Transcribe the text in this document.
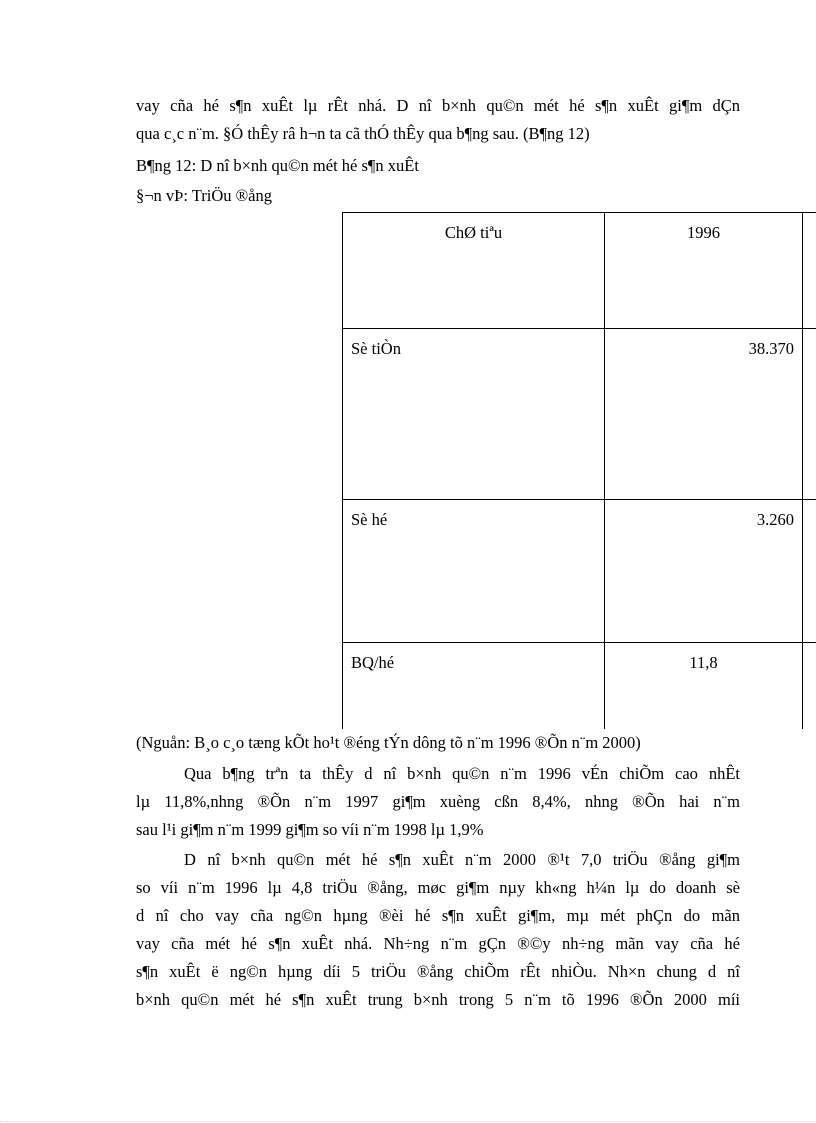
vay cña hé s¶n xuÊt lµ rÊt nhá. D nî b×nh qu©n mét hé s¶n xuÊt gi¶m dÇn
qua c¸c n¨m. §Ó thÊy râ h¬n ta cã thÓ thÊy qua b¶ng sau. (B¶ng 12)
B¶ng 12: D nî b×nh qu©n mét hé s¶n xuÊt
§¬n vÞ: TriÖu ®ång
ChØ tiªu	1996	
Sè tiÒn	38.370	
Sè hé	3.260	
BQ/hé	11,8	
(Nguån: B¸o c¸o tæng kÕt ho¹t ®éng tÝn dông tõ n¨m 1996 ®Õn n¨m 2000)
Qua b¶ng trªn ta thÊy d nî b×nh qu©n n¨m 1996 vÉn chiÕm cao nhÊt
lµ 11,8%,nhng ®Õn n¨m 1997 gi¶m xuèng cßn 8,4%, nhng ®Õn hai n¨m
sau l¹i gi¶m n¨m 1999 gi¶m so víi n¨m 1998 lµ 1,9%
D nî b×nh qu©n mét hé s¶n xuÊt n¨m 2000 ®¹t 7,0 triÖu ®ång gi¶m
so víi n¨m 1996 lµ 4,8 triÖu ®ång, møc gi¶m nµy kh«ng h¼n lµ do doanh sè
d nî cho vay cña ng©n hµng ®èi hé s¶n xuÊt gi¶m, mµ mét phÇn do mãn
vay cña mét hé s¶n xuÊt nhá. Nh÷ng n¨m gÇn ®©y nh÷ng mãn vay cña hé
s¶n xuÊt ë ng©n hµng díi 5 triÖu ®ång chiÕm rÊt nhiÒu. Nh×n chung d nî
b×nh qu©n mét hé s¶n xuÊt trung b×nh trong 5 n¨m tõ 1996 ®Õn 2000 míi
